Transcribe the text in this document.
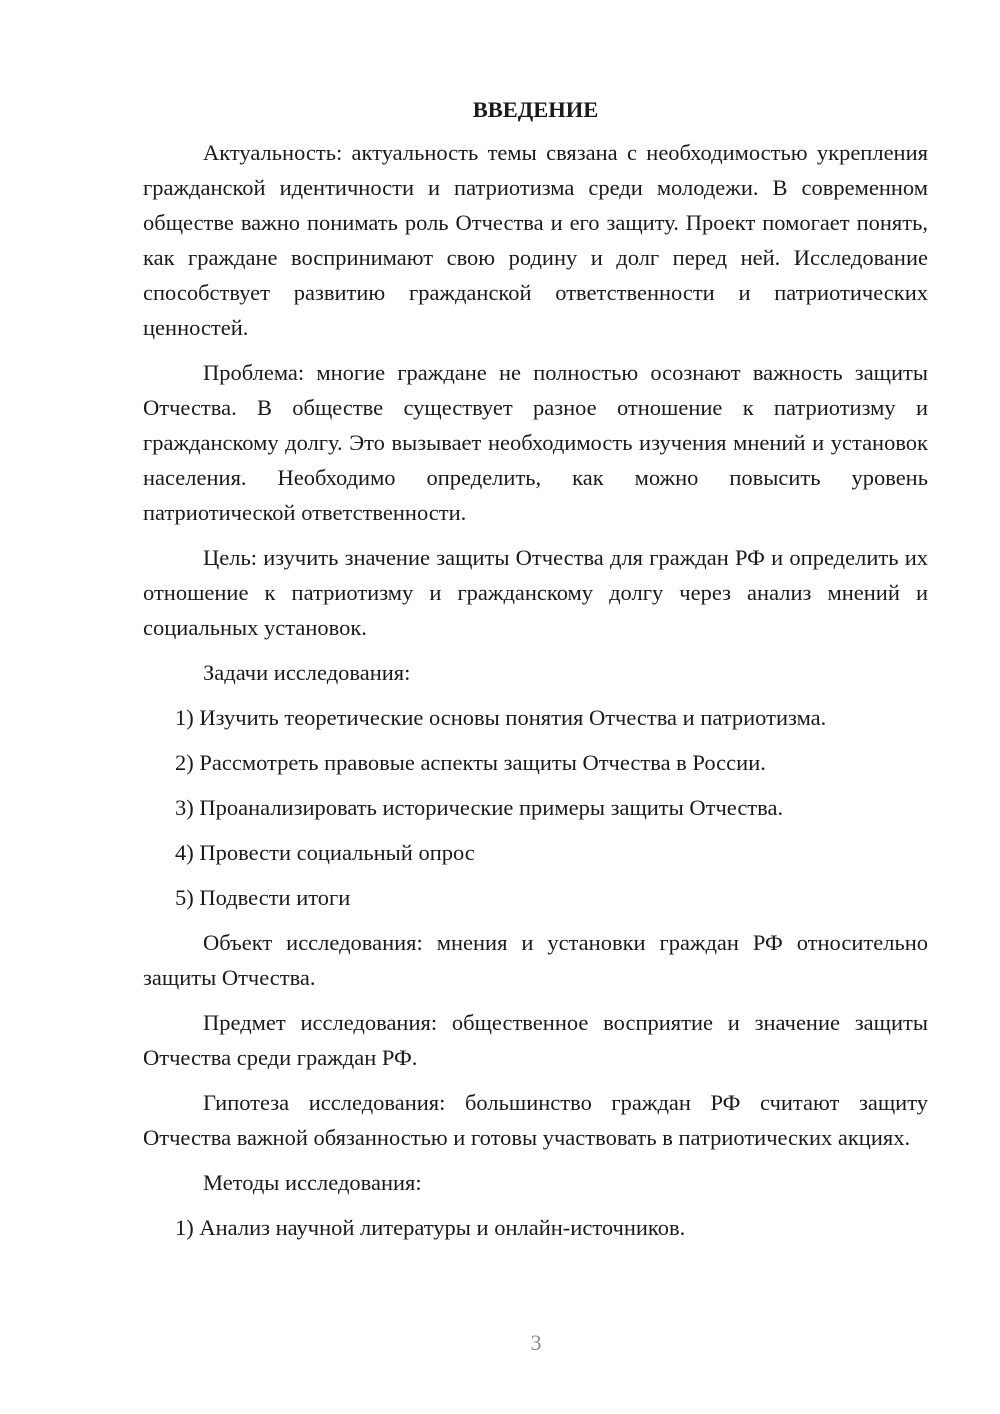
ВВЕДЕНИЕ

Актуальность: актуальность темы связана с необходимостью укрепления гражданской идентичности и патриотизма среди молодежи. В современном обществе важно понимать роль Отчества и его защиту. Проект помогает понять, как граждане воспринимают свою родину и долг перед ней. Исследование способствует развитию гражданской ответственности и патриотических ценностей.

Проблема: многие граждане не полностью осознают важность защиты Отчества. В обществе существует разное отношение к патриотизму и гражданскому долгу. Это вызывает необходимость изучения мнений и установок населения. Необходимо определить, как можно повысить уровень патриотической ответственности.

Цель: изучить значение защиты Отчества для граждан РФ и определить их отношение к патриотизму и гражданскому долгу через анализ мнений и социальных установок.

Задачи исследования:

1) Изучить теоретические основы понятия Отчества и патриотизма.

2) Рассмотреть правовые аспекты защиты Отчества в России.

3) Проанализировать исторические примеры защиты Отчества.

4) Провести социальный опрос

5) Подвести итоги

Объект исследования: мнения и установки граждан РФ относительно защиты Отчества.

Предмет исследования: общественное восприятие и значение защиты Отчества среди граждан РФ.

Гипотеза исследования: большинство граждан РФ считают защиту Отчества важной обязанностью и готовы участвовать в патриотических акциях.

Методы исследования:

1) Анализ научной литературы и онлайн-источников.

3
